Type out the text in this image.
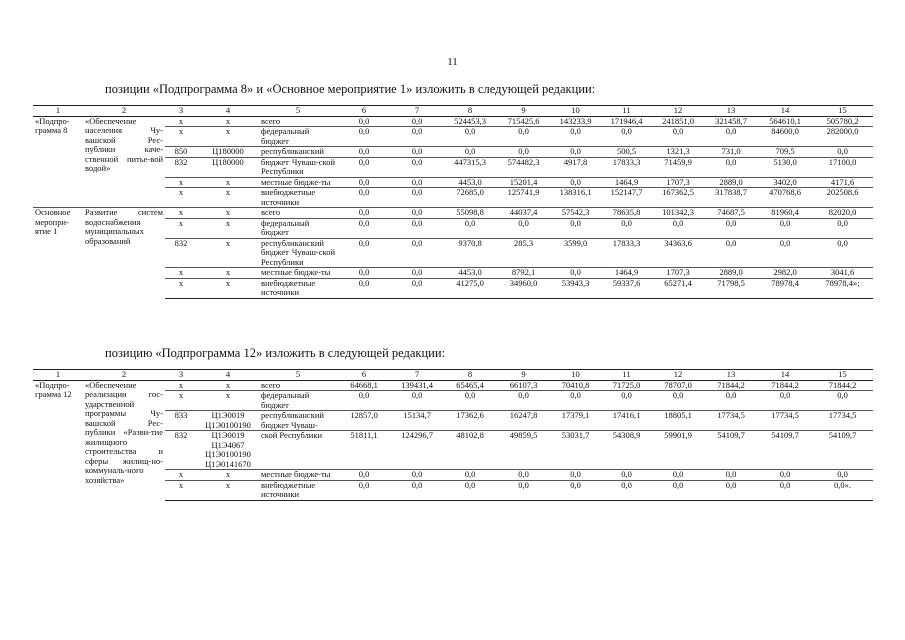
11
позиции «Подпрограмма 8» и «Основное мероприятие 1» изложить в следующей редакции:
позицию «Подпрограмма 12» изложить в следующей редакции:
1	2	3	4	5	6	7	8	9	10	11	12	13	14	15
«Подпро-грамма 8	«Обеспечение населения Чу-вашской Рес-публики каче-ственной питье-вой водой»	x	x	всего	0,0	0,0	524453,3	715425,6	143233,9	171946,4	241851,0	321458,7	564610,1	505780,2
		x	x	федеральный бюджет	0,0	0,0	0,0	0,0	0,0	0,0	0,0	0,0	84600,0	282000,0
		850	Ц180000	республиканский	0,0	0,0	0,0	0,0	0,0	500,5	1321,3	731,0	709,5	0,0
		832	Ц180000	бюджет Чуваш-ской Республики	0,0	0,0	447315,3	574482,3	4917,8	17833,3	71459,9	0,0	5130,0	17100,0
		x	x	местные бюдже-ты	0,0	0,0	4453,0	15201,4	0,0	1464,9	1707,3	2889,0	3402,0	4171,6
		x	x	внебюджетные источники	0,0	0,0	72685,0	125741,9	138316,1	152147,7	167362,5	317838,7	470768,6	202508,6
Основное меропри-ятие 1	Развитие систем водоснабжения муниципальных образований	x	x	всего	0,0	0,0	55098,8	44037,4	57542,3	78635,8	101342,3	74687,5	81960,4	82020,0
		x	x	федеральный бюджет	0,0	0,0	0,0	0,0	0,0	0,0	0,0	0,0	0,0	0,0
		832	x	республиканский бюджет Чуваш-ской Республики	0,0	0,0	9370,8	285,3	3599,0	17833,3	34363,6	0,0	0,0	0,0
		x	x	местные бюдже-ты	0,0	0,0	4453,0	8792,1	0,0	1464,9	1707,3	2889,0	2982,0	3041,6
		x	x	внебюджетные источники	0,0	0,0	41275,0	34960,0	53943,3	59337,6	65271,4	71798,5	78978,4	78978,4»;
1	2	3	4	5	6	7	8	9	10	11	12	13	14	15
«Подпро-грамма 12	«Обеспечение реализации гос-ударственной программы Чу-вашской Рес-публики «Разви-тие жилищного строительства и сферы жилищ-но-коммуналь-ного хозяйства»	x	x	всего	64668,1	139431,4	65465,4	66107,3	70410,8	71725,0	78707,0	71844,2	71844,2	71844,2
		x	x	федеральный бюджет	0,0	0,0	0,0	0,0	0,0	0,0	0,0	0,0	0,0	0,0
		833	Ц1Э0019 Ц1Э0100190	республиканский бюджет Чуваш-	12857,0	15134,7	17362,6	16247,8	17379,1	17416,1	18805,1	17734,5	17734,5	17734,5
		832	Ц1Э0019 Ц1Э4067 Ц1Э0100190 Ц1Э0141670	ской Республики	51811,1	124296,7	48102,8	49859,5	53031,7	54308,9	59901,9	54109,7	54109,7	54109,7
		x	x	местные бюдже-ты	0,0	0,0	0,0	0,0	0,0	0,0	0,0	0,0	0,0	0,0
		x	x	внебюджетные источники	0,0	0,0	0,0	0,0	0,0	0,0	0,0	0,0	0,0	0,0».
